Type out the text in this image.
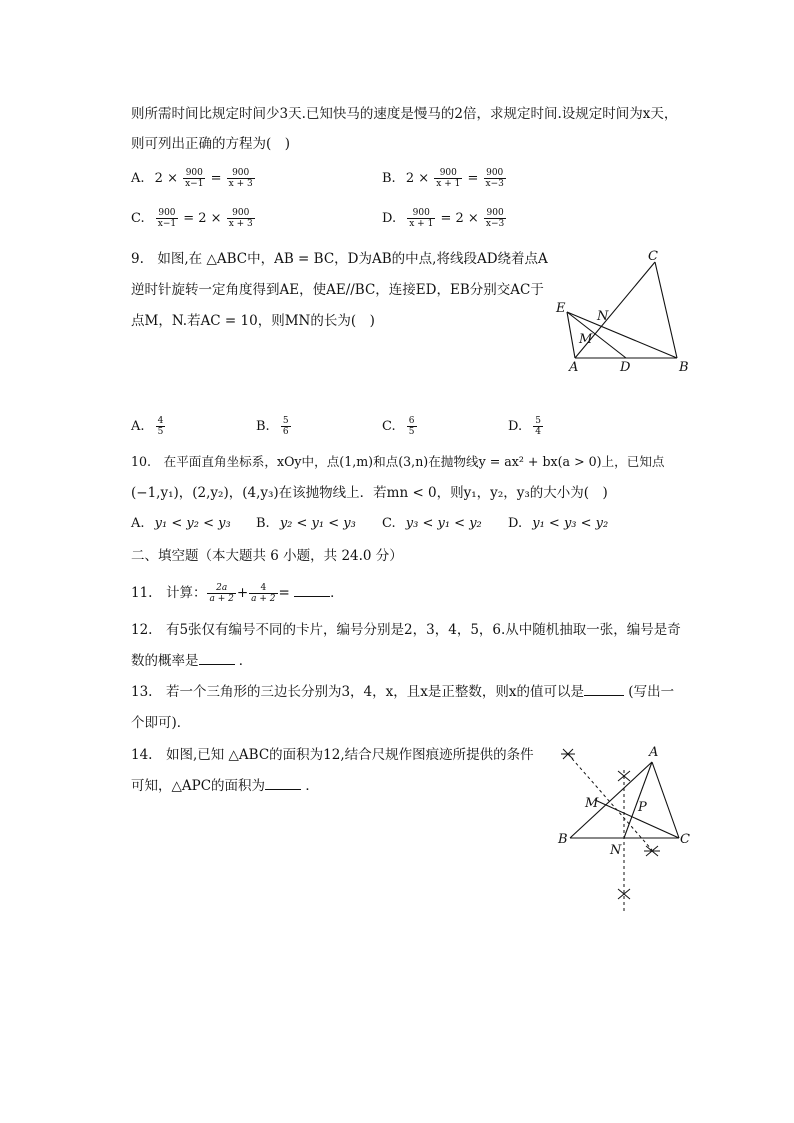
则所需时间比规定时间少3天.已知快马的速度是慢马的2倍，求规定时间.设规定时间为x天，
则可列出正确的方程为(　)
A. $2 \times \frac{900}{x-1} = \frac{900}{x + 3}$	B. $2 \times \frac{900}{x + 1} = \frac{900}{x-3}$
C. $\frac{900}{x-1} = 2 \times \frac{900}{x + 3}$	D. $\frac{900}{x + 1} = 2 \times \frac{900}{x-3}$
9.　如图,在 △ABC中，AB = BC，D为AB的中点,将线段AD绕着点A
逆时针旋转一定角度得到AE，使AE//BC，连接ED，EB分别交AC于
点M，N.若AC = 10，则MN的长为(　)
C
E
N
M
A	D	B
A. $\frac{4}{5}$	B. $\frac{5}{6}$	C. $\frac{6}{5}$	D. $\frac{5}{4}$
10.　在平面直角坐标系，xOy中，点(1,m)和点(3,n)在抛物线y = ax² + bx(a > 0)上，已知点
(−1,y₁)，(2,y₂)，(4,y₃)在该抛物线上．若mn < 0，则y₁，y₂，y₃的大小为(　)
A. y₁ < y₂ < y₃ B. y₂ < y₁ < y₃ C. y₃ < y₁ < y₂ D. y₁ < y₃ < y₂
二、填空题（本大题共 6 小题，共 24.0 分）
11.　计算： $\frac{2a}{a + 2} + \frac{4}{a + 2}$ =	．
12.　有5张仅有编号不同的卡片，编号分别是2，3，4，5，6.从中随机抽取一张，编号是奇
数的概率是	．
13.　若一个三角形的三边长分别为3，4，x，且x是正整数，则x的值可以是	(写出一
个即可)．
14.　如图,已知 △ABC的面积为12,结合尺规作图痕迹所提供的条件
可知，△APC的面积为	．
A
M	P
B	C
N
